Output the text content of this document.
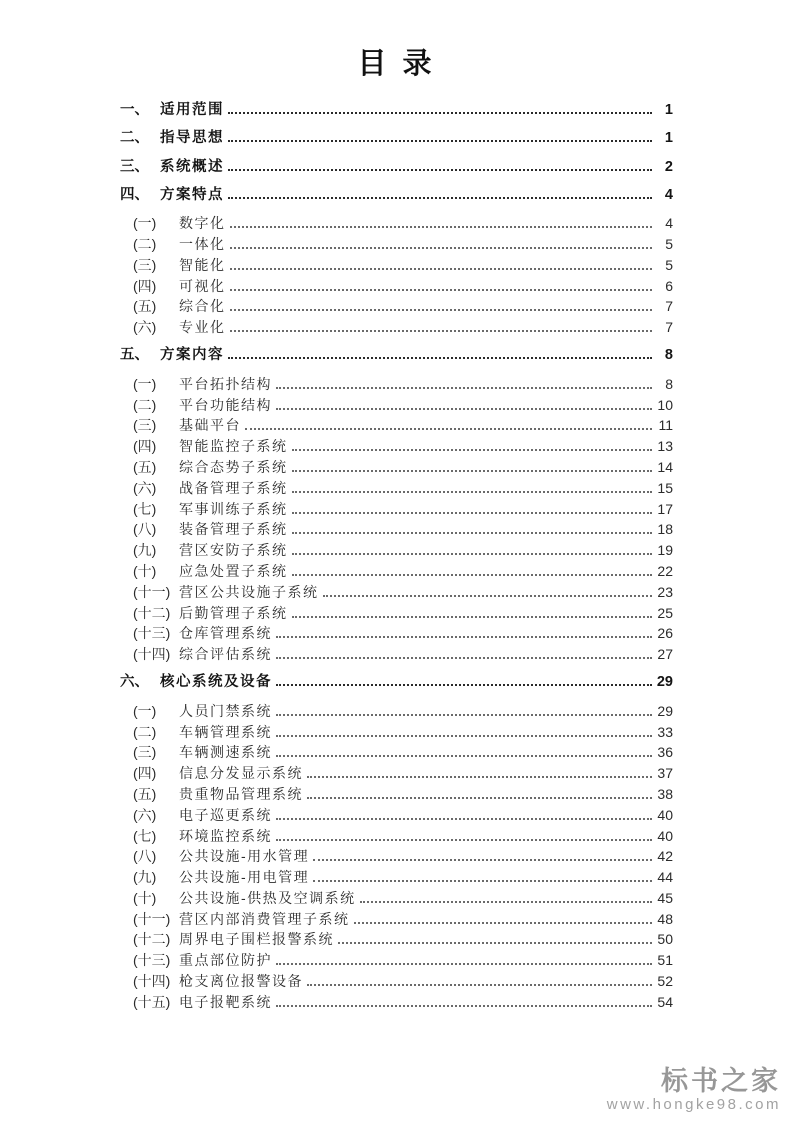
目 录
一、 适用范围	1
二、 指导思想	1
三、 系统概述	2
四、 方案特点	4
(一)	数字化	4
(二)	一体化	5
(三)	智能化	5
(四)	可视化	6
(五)	综合化	7
(六)	专业化	7
五、 方案内容	8
(一)	平台拓扑结构	8
(二)	平台功能结构	10
(三)	基础平台	11
(四)	智能监控子系统	13
(五)	综合态势子系统	14
(六)	战备管理子系统	15
(七)	军事训练子系统	17
(八)	装备管理子系统	18
(九)	营区安防子系统	19
(十)	应急处置子系统	22
(十一) 营区公共设施子系统	23
(十二) 后勤管理子系统	25
(十三) 仓库管理系统	26
(十四) 综合评估系统	27
六、 核心系统及设备	29
(一)	人员门禁系统	29
(二)	车辆管理系统	33
(三)	车辆测速系统	36
(四)	信息分发显示系统	37
(五)	贵重物品管理系统	38
(六)	电子巡更系统	40
(七)	环境监控系统	40
(八)	公共设施-用水管理	42
(九)	公共设施-用电管理	44
(十)	公共设施-供热及空调系统	45
(十一) 营区内部消费管理子系统	48
(十二) 周界电子围栏报警系统	50
(十三) 重点部位防护	51
(十四) 枪支离位报警设备	52
(十五) 电子报靶系统	54
标书之家
www.hongke98.com
